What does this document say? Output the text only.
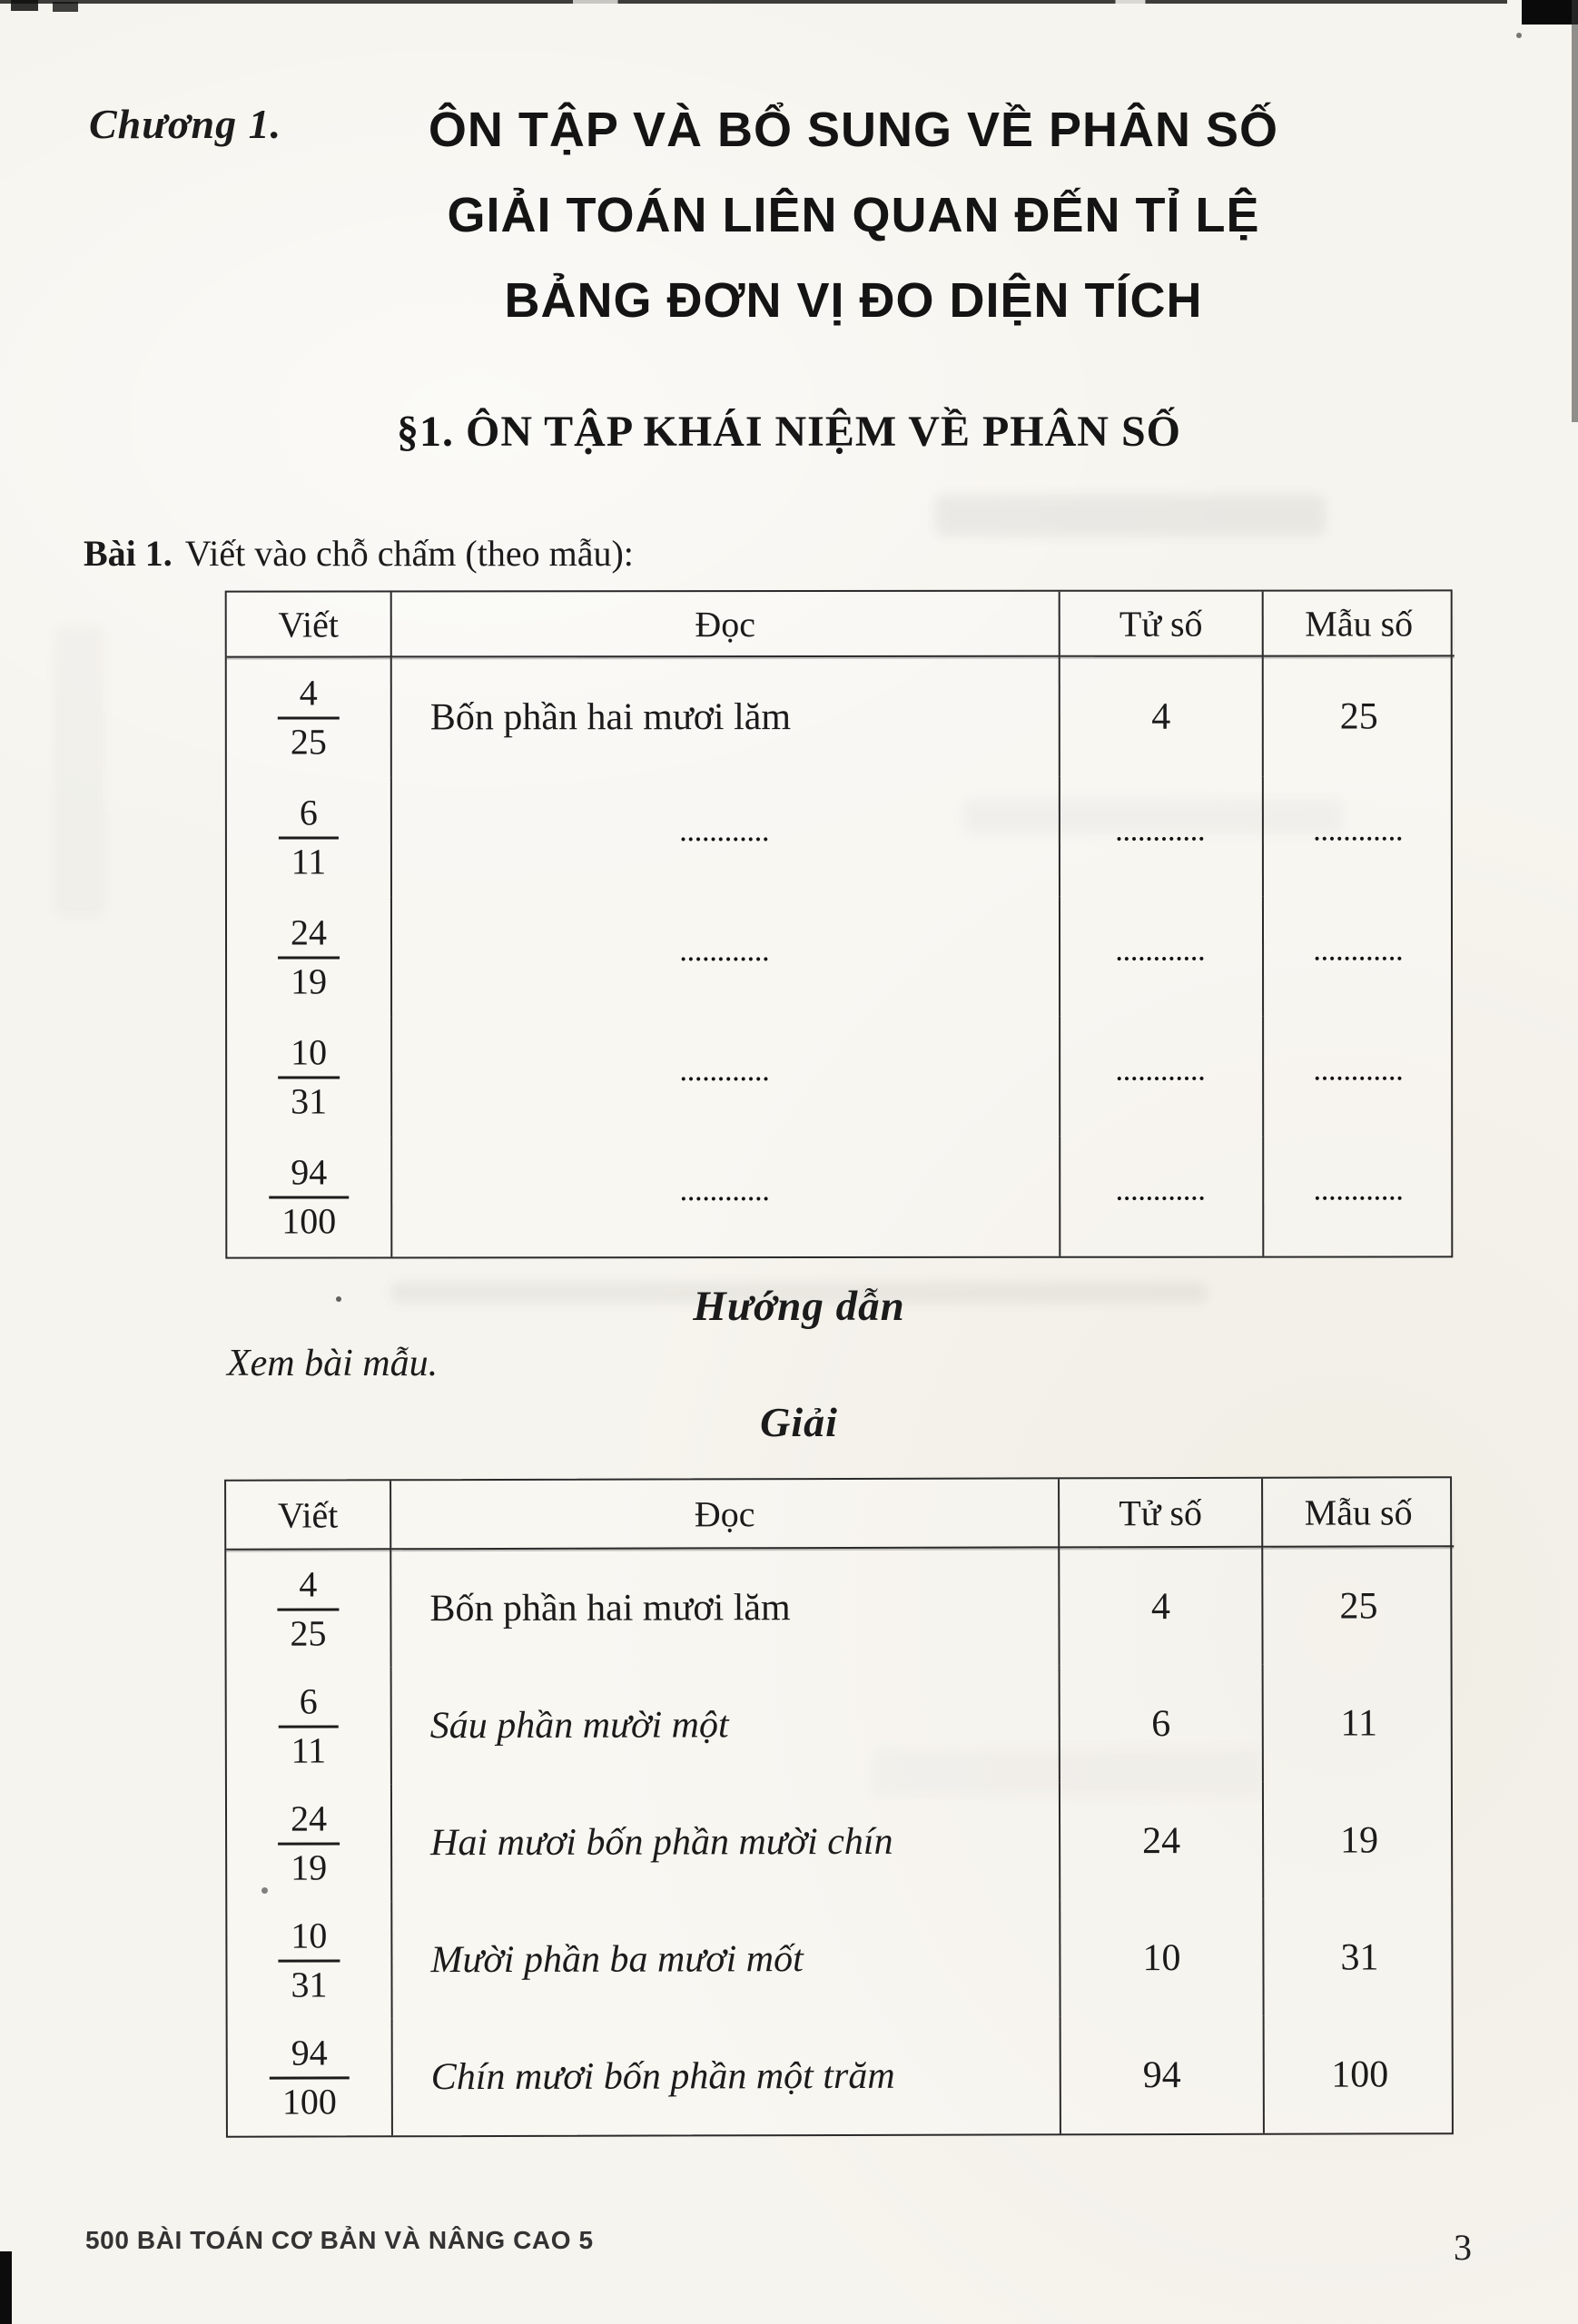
Chương 1.	ÔN TẬP VÀ BỔ SUNG VỀ PHÂN SỐ
GIẢI TOÁN LIÊN QUAN ĐẾN TỈ LỆ
BẢNG ĐƠN VỊ ĐO DIỆN TÍCH
§1. ÔN TẬP KHÁI NIỆM VỀ PHÂN SỐ
Bài 1. Viết vào chỗ chấm (theo mẫu):
Viết	Đọc	Tử số	Mẫu số
$\frac{4}{25}$	Bốn phần hai mươi lăm	4	25
$\frac{6}{11}$	............	............	............
$\frac{24}{19}$	............	............	............
$\frac{10}{31}$	............	............	............
$\frac{94}{100}$	............	............	............
Hướng dẫn
Xem bài mẫu.
Giải
Viết	Đọc	Tử số	Mẫu số
$\frac{4}{25}$	Bốn phần hai mươi lăm	4	25
$\frac{6}{11}$	Sáu phần mười một	6	11
$\frac{24}{19}$	Hai mươi bốn phần mười chín	24	19
$\frac{10}{31}$	Mười phần ba mươi mốt	10	31
$\frac{94}{100}$	Chín mươi bốn phần một trăm	94	100
500 BÀI TOÁN CƠ BẢN VÀ NÂNG CAO 5	3
